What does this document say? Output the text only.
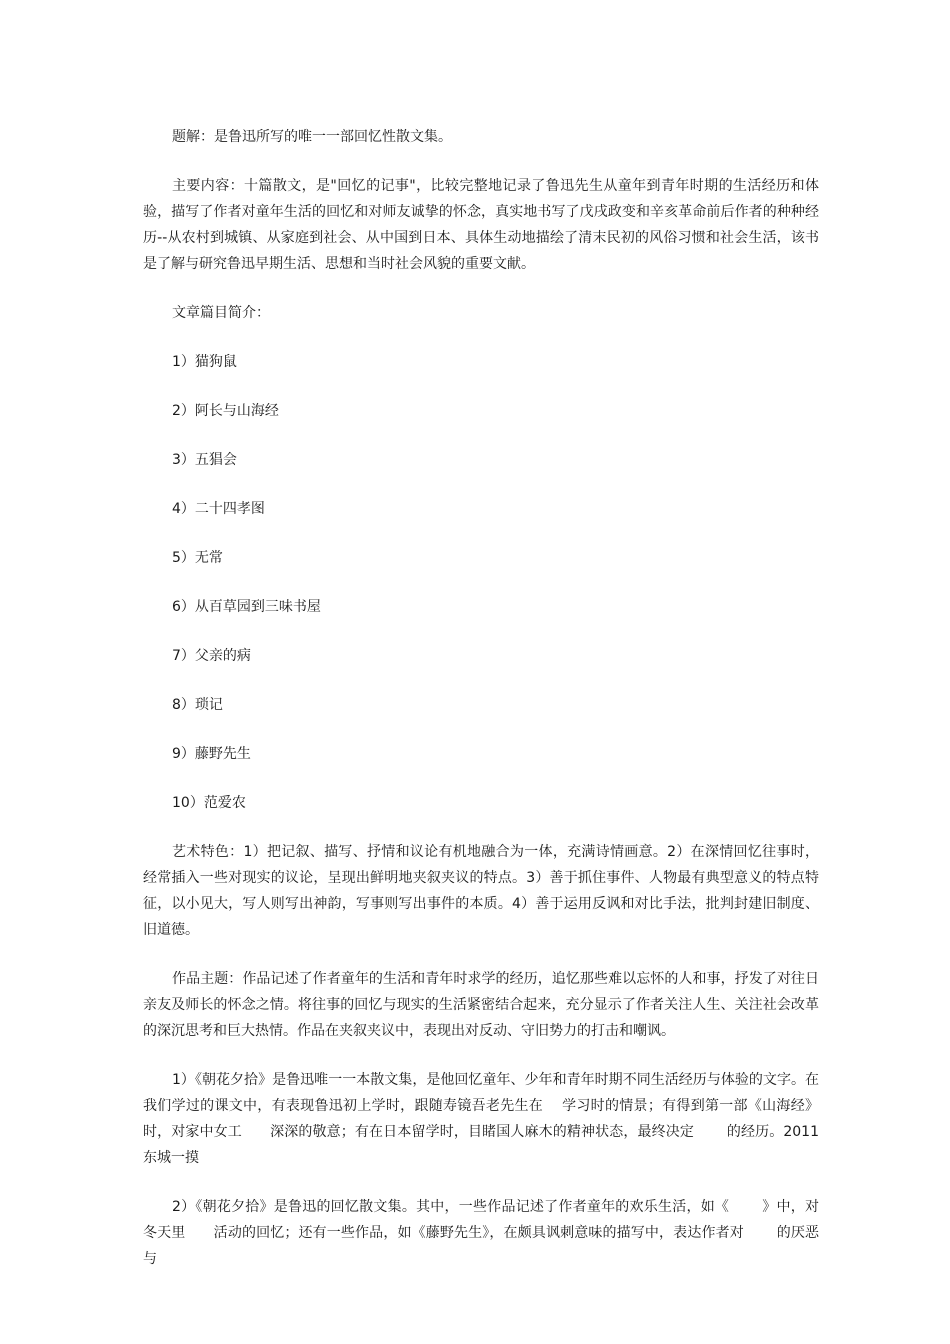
题解：是鲁迅所写的唯一一部回忆性散文集。

主要内容：十篇散文，是"回忆的记事"，比较完整地记录了鲁迅先生从童年到青年时期的生活经历和体验，描写了作者对童年生活的回忆和对师友诚挚的怀念，真实地书写了戊戌政变和辛亥革命前后作者的种种经历--从农村到城镇、从家庭到社会、从中国到日本、具体生动地描绘了清末民初的风俗习惯和社会生活，该书是了解与研究鲁迅早期生活、思想和当时社会风貌的重要文献。

文章篇目简介：

1）猫狗鼠

2）阿长与山海经

3）五猖会

4）二十四孝图

5）无常

6）从百草园到三味书屋

7）父亲的病

8）琐记

9）藤野先生

10）范爱农

艺术特色：1）把记叙、描写、抒情和议论有机地融合为一体，充满诗情画意。2）在深情回忆往事时，经常插入一些对现实的议论，呈现出鲜明地夹叙夹议的特点。3）善于抓住事件、人物最有典型意义的特点特征，以小见大，写人则写出神韵，写事则写出事件的本质。4）善于运用反讽和对比手法，批判封建旧制度、旧道德。

作品主题：作品记述了作者童年的生活和青年时求学的经历，追忆那些难以忘怀的人和事，抒发了对往日亲友及师长的怀念之情。将往事的回忆与现实的生活紧密结合起来，充分显示了作者关注人生、关注社会改革的深沉思考和巨大热情。作品在夹叙夹议中，表现出对反动、守旧势力的打击和嘲讽。

1）《朝花夕拾》是鲁迅唯一一本散文集，是他回忆童年、少年和青年时期不同生活经历与体验的文字。在我们学过的课文中，有表现鲁迅初上学时，跟随寿镜吾老先生在　 学习时的情景；有得到第一部《山海经》时，对家中女工　　深深的敬意；有在日本留学时，目睹国人麻木的精神状态，最终决定　　 的经历。2011 东城一摸

2）《朝花夕拾》是鲁迅的回忆散文集。其中，一些作品记述了作者童年的欢乐生活，如《　　 》中，对冬天里　　活动的回忆；还有一些作品，如《藤野先生》，在颇具讽刺意味的描写中，表达作者对　　 的厌恶与
